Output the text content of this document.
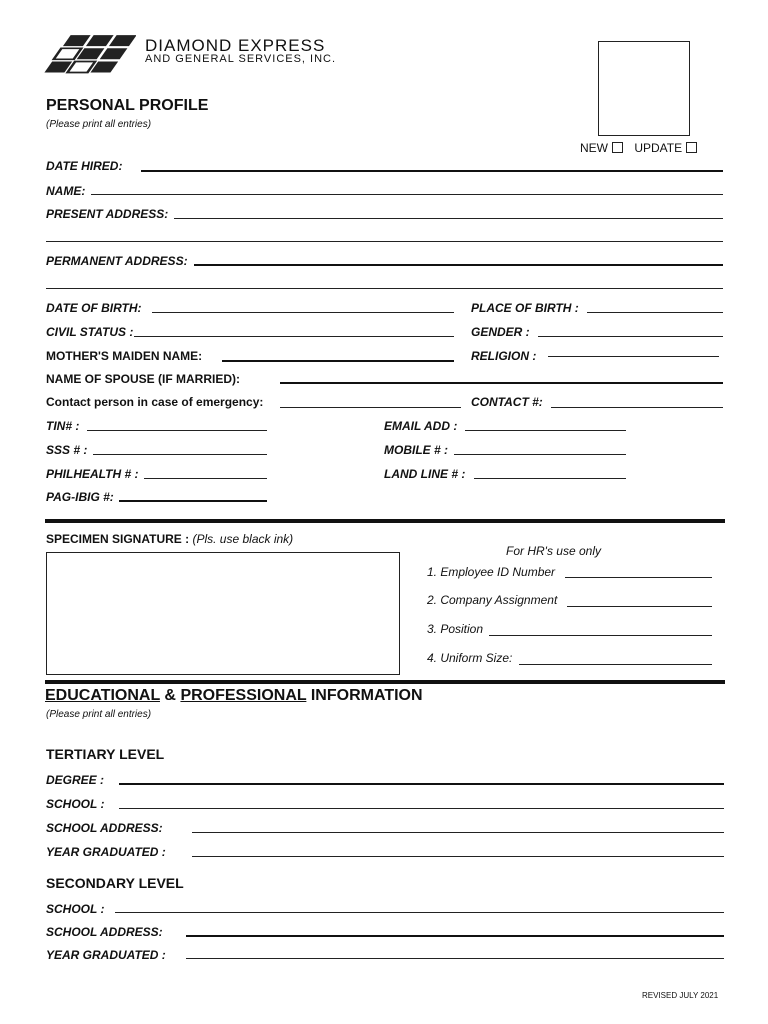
DIAMOND EXPRESS
AND GENERAL SERVICES, INC.
PERSONAL PROFILE
(Please print all entries)
NEW UPDATE
DATE HIRED:
NAME:
PRESENT ADDRESS:
PERMANENT ADDRESS:
DATE OF BIRTH:	PLACE OF BIRTH :
CIVIL STATUS :	GENDER :
MOTHER'S MAIDEN NAME:	RELIGION :
NAME OF SPOUSE (IF MARRIED):
Contact person in case of emergency:	CONTACT #:
TIN# :	EMAIL ADD :
SSS # :	MOBILE # :
PHILHEALTH # :	LAND LINE # :
PAG-IBIG #:
SPECIMEN SIGNATURE : (Pls. use black ink)
For HR's use only
1. Employee ID Number
2. Company Assignment
3. Position
4. Uniform Size:
EDUCATIONAL & PROFESSIONAL INFORMATION
(Please print all entries)
TERTIARY LEVEL
DEGREE :
SCHOOL :
SCHOOL ADDRESS:
YEAR GRADUATED :
SECONDARY LEVEL
SCHOOL :
SCHOOL ADDRESS:
YEAR GRADUATED :
REVISED JULY 2021
